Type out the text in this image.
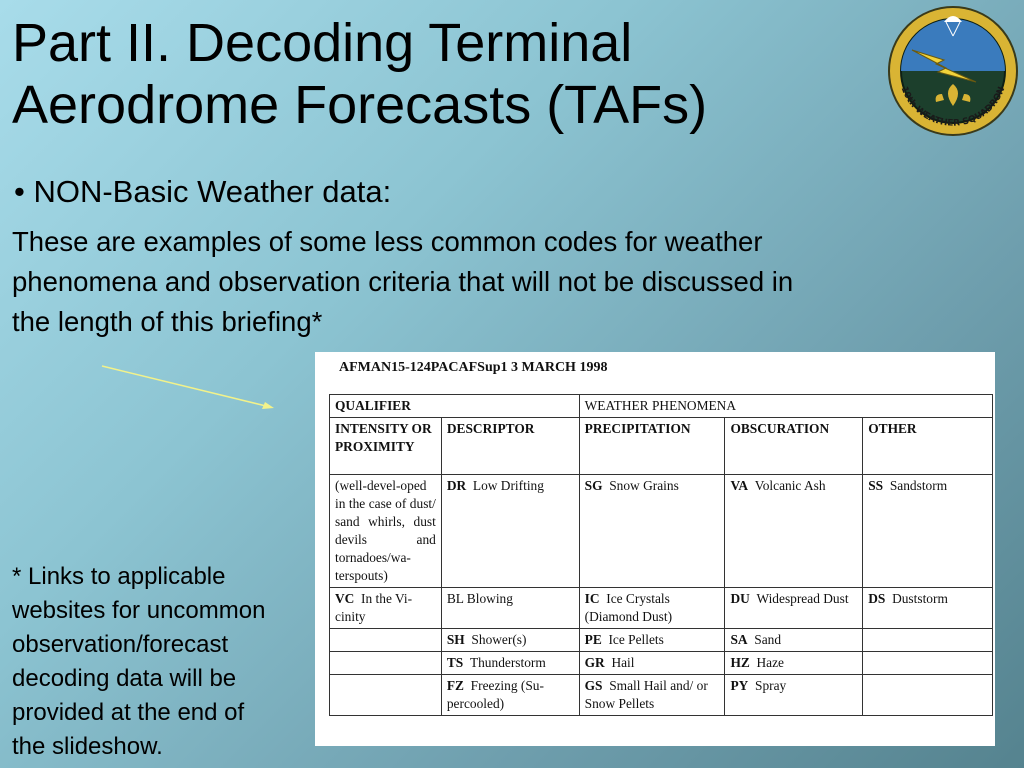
Part II. Decoding Terminal
Aerodrome Forecasts (TAFs)	10th WEATHER SQUADRON
• NON-Basic Weather data:
These are examples of some less common codes for weather
phenomena and observation criteria that will not be discussed in
the length of this briefing*
* Links to applicable
websites for uncommon
observation/forecast
decoding data will be
provided at the end of
the slideshow.
AFMAN15-124PACAFSup1 3 MARCH 1998
QUALIFIER		WEATHER PHENOMENA		
INTENSITY OR PROXIMITY	DESCRIPTOR	PRECIPITATION	OBSCURATION	OTHER
(well-devel-oped in the case of dust/ sand whirls, dust devils and tornadoes/wa-terspouts)	DR Low Drifting	SG Snow Grains	VA Volcanic Ash	SS Sandstorm
VC In the Vi-cinity	BL Blowing	IC Ice Crystals (Diamond Dust)	DU Widespread Dust	DS Duststorm
	SH Shower(s)	PE Ice Pellets	SA Sand	
	TS Thunderstorm	GR Hail	HZ Haze	
	FZ Freezing (Su-percooled)	GS Small Hail and/ or Snow Pellets	PY Spray	
